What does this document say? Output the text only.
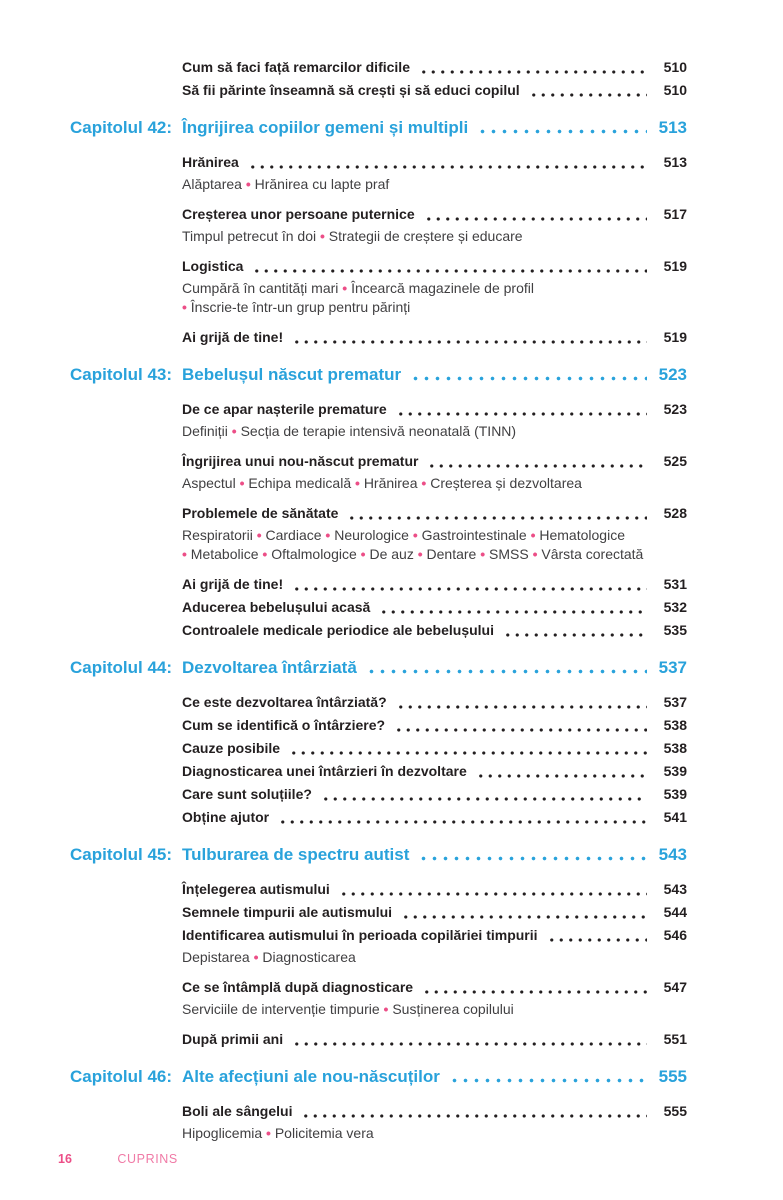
Cum să faci față remarcilor dificile	510
Să fii părinte înseamnă să crești și să educi copilul	510
Capitolul 42: Îngrijirea copiilor gemeni și multipli	513
Hrănirea	513
Alăptarea • Hrănirea cu lapte praf
Creșterea unor persoane puternice	517
Timpul petrecut în doi • Strategii de creștere și educare
Logistica	519
Cumpără în cantități mari • Încearcă magazinele de profil • Înscrie-te într-un grup pentru părinți
Ai grijă de tine!	519
Capitolul 43: Bebelușul născut prematur	523
De ce apar nașterile premature	523
Definiții • Secția de terapie intensivă neonatală (TINN)
Îngrijirea unui nou-născut prematur	525
Aspectul • Echipa medicală • Hrănirea • Creșterea și dezvoltarea
Problemele de sănătate	528
Respiratorii • Cardiace • Neurologice • Gastrointestinale • Hematologice • Metabolice • Oftalmologice • De auz • Dentare • SMSS • Vârsta corectată
Ai grijă de tine!	531
Aducerea bebelușului acasă	532
Controalele medicale periodice ale bebelușului	535
Capitolul 44: Dezvoltarea întârziată	537
Ce este dezvoltarea întârziată?	537
Cum se identifică o întârziere?	538
Cauze posibile	538
Diagnosticarea unei întârzieri în dezvoltare	539
Care sunt soluțiile?	539
Obține ajutor	541
Capitolul 45: Tulburarea de spectru autist	543
Înțelegerea autismului	543
Semnele timpurii ale autismului	544
Identificarea autismului în perioada copilăriei timpurii	546
Depistarea • Diagnosticarea
Ce se întâmplă după diagnosticare	547
Serviciile de intervenție timpurie • Susținerea copilului
După primii ani	551
Capitolul 46: Alte afecțiuni ale nou-născuților	555
Boli ale sângelui	555
Hipoglicemia • Policitemia vera
16	CUPRINS
